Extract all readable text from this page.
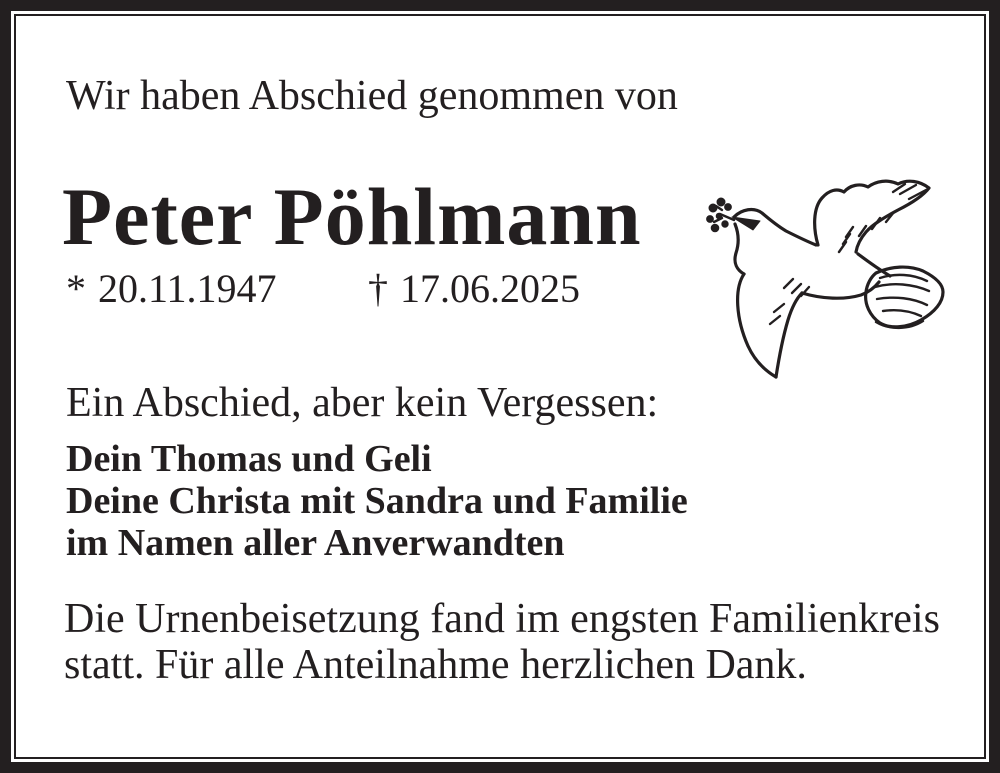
Wir haben Abschied genommen von
Peter Pöhlmann
* 20.11.1947 † 17.06.2025
Ein Abschied, aber kein Vergessen:
Dein Thomas und Geli
Deine Christa mit Sandra und Familie
im Namen aller Anverwandten
Die Urnenbeisetzung fand im engsten Familienkreis
statt. Für alle Anteilnahme herzlichen Dank.
